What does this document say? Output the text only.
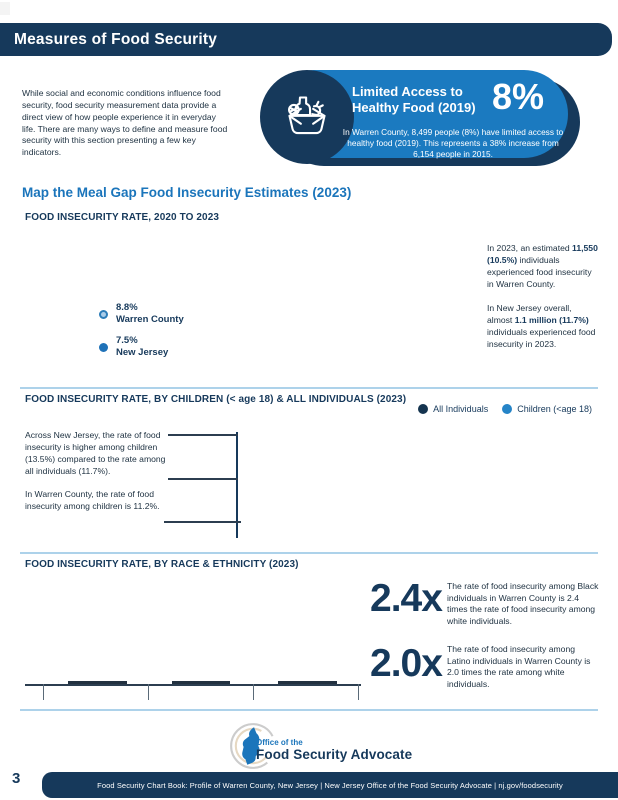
Measures of Food Security
While social and economic conditions influence food security, food security measurement data provide a direct view of how people experience it in everyday life. There are many ways to define and measure food security with this section presenting a few key indicators.
Limited Access to
Healthy Food (2019) 8%
In Warren County, 8,499 people (8%) have limited access to healthy food (2019). This represents a 38% increase from 6,154 people in 2015.
Map the Meal Gap Food Insecurity Estimates (2023)
FOOD INSECURITY RATE, 2020 TO 2023
8.8%
Warren County
7.5%
New Jersey
In 2023, an estimated 11,550 (10.5%) individuals experienced food insecurity in Warren County.
In New Jersey overall, almost 1.1 million (11.7%) individuals experienced food insecurity in 2023.
FOOD INSECURITY RATE, BY CHILDREN (< age 18) & ALL INDIVIDUALS (2023)
All Individuals	Children (<age 18)
Across New Jersey, the rate of food insecurity is higher among children (13.5%) compared to the rate among all individuals (11.7%).
In Warren County, the rate of food insecurity among children is 11.2%.
FOOD INSECURITY RATE, BY RACE & ETHNICITY (2023)
2.4x The rate of food insecurity among Black individuals in Warren County is 2.4 times the rate of food insecurity among white individuals.
2.0x The rate of food insecurity among Latino individuals in Warren County is 2.0 times the rate among white individuals.
Office of the
Food Security Advocate
3	Food Security Chart Book: Profile of Warren County, New Jersey | New Jersey Office of the Food Security Advocate | nj.gov/foodsecurity
